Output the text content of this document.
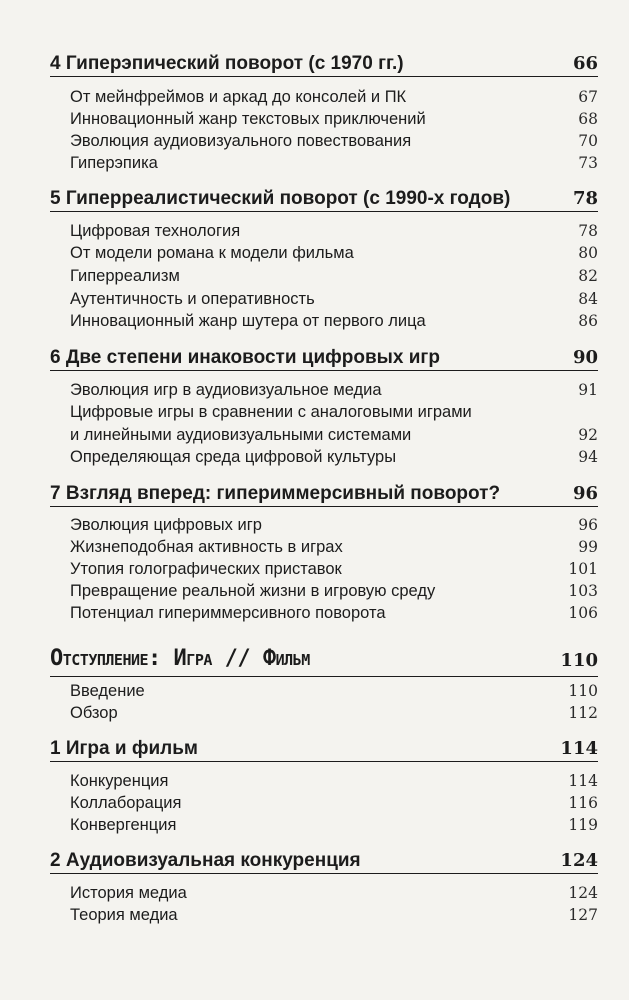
4 Гиперэпический поворот (с 1970 гг.)	66
От мейнфреймов и аркад до консолей и ПК	67
Инновационный жанр текстовых приключений	68
Эволюция аудиовизуального повествования	70
Гиперэпика	73
5 Гиперреалистический поворот (с 1990-х годов)	78
Цифровая технология	78
От модели романа к модели фильма	80
Гиперреализм	82
Аутентичность и оперативность	84
Инновационный жанр шутера от первого лица	86
6 Две степени инаковости цифровых игр	90
Эволюция игр в аудиовизуальное медиа	91
Цифровые игры в сравнении с аналоговыми играми
и линейными аудиовизуальными системами	92
Определяющая среда цифровой культуры	94
7 Взгляд вперед: гипериммерсивный поворот?	96
Эволюция цифровых игр	96
Жизнеподобная активность в играх	99
Утопия голографических приставок	101
Превращение реальной жизни в игровую среду	103
Потенциал гипериммерсивного поворота	106
Отступление: Игра // Фильм	110
Введение	110
Обзор	112
1 Игра и фильм	114
Конкуренция	114
Коллаборация	116
Конвергенция	119
2 Аудиовизуальная конкуренция	124
История медиа	124
Теория медиа	127
